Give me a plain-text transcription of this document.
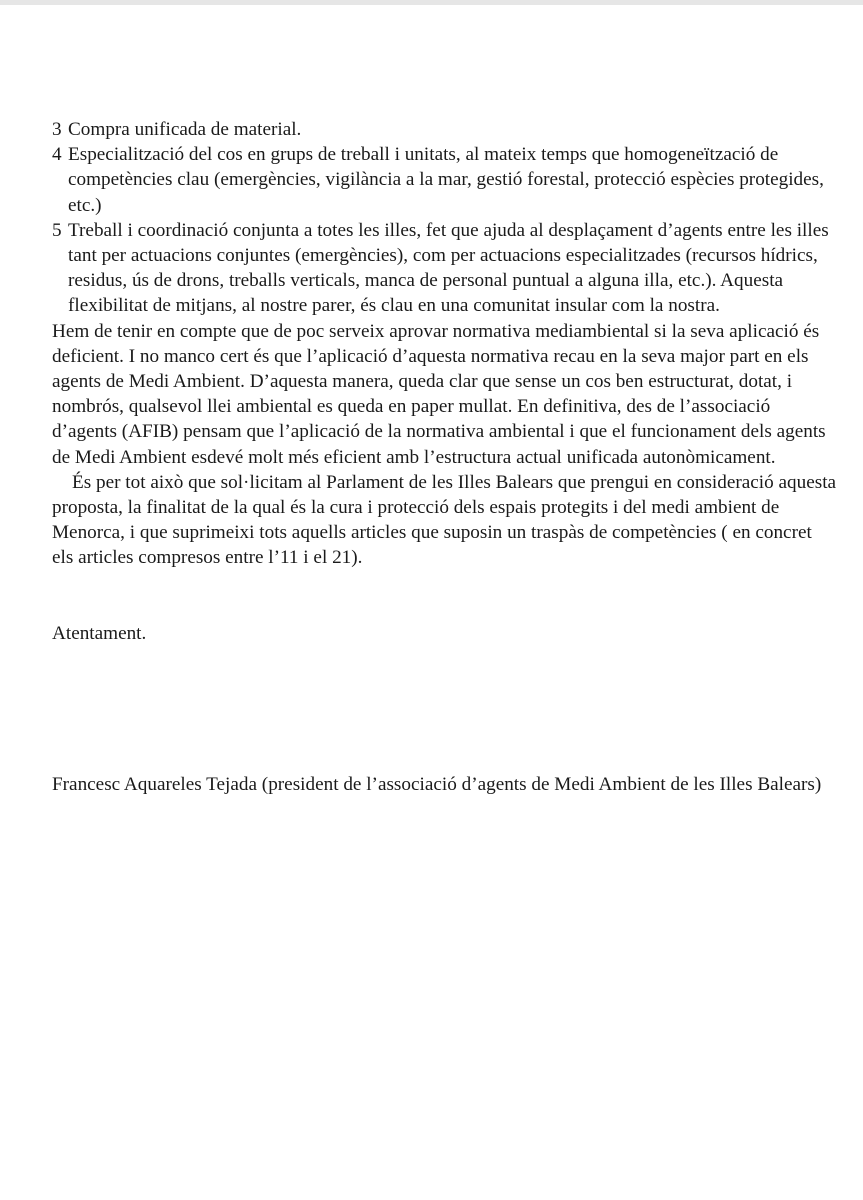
3 Compra unificada de material.
4 Especialització del cos en grups de treball i unitats, al mateix temps que homogeneïtzació de competències clau (emergències, vigilància a la mar, gestió forestal, protecció espècies protegides, etc.)
5 Treball i coordinació conjunta a totes les illes, fet que ajuda al desplaçament d’agents entre les illes tant per actuacions conjuntes (emergències), com per actuacions especialitzades (recursos hídrics, residus, ús de drons, treballs verticals, manca de personal puntual a alguna illa, etc.). Aquesta flexibilitat de mitjans, al nostre parer, és clau en una comunitat insular com la nostra.
Hem de tenir en compte que de poc serveix aprovar normativa mediambiental si la seva aplicació és deficient. I no manco cert és que l’aplicació d’aquesta normativa recau en la seva major part en els agents de Medi Ambient. D’aquesta manera, queda clar que sense un cos ben estructurat, dotat, i nombrós, qualsevol llei ambiental es queda en paper mullat. En definitiva, des de l’associació d’agents (AFIB) pensam que l’aplicació de la normativa ambiental i que el funcionament dels agents de Medi Ambient esdevé molt més eficient amb l’estructura actual unificada autonòmicament.
És per tot això que sol·licitam al Parlament de les Illes Balears que prengui en consideració aquesta proposta, la finalitat de la qual és la cura i protecció dels espais protegits i del medi ambient de Menorca, i que suprimeixi tots aquells articles que suposin un traspàs de competències ( en concret els articles compresos entre l’11 i el 21).
Atentament.
Francesc Aquareles Tejada (president de l’associació d’agents de Medi Ambient de les Illes Balears)
